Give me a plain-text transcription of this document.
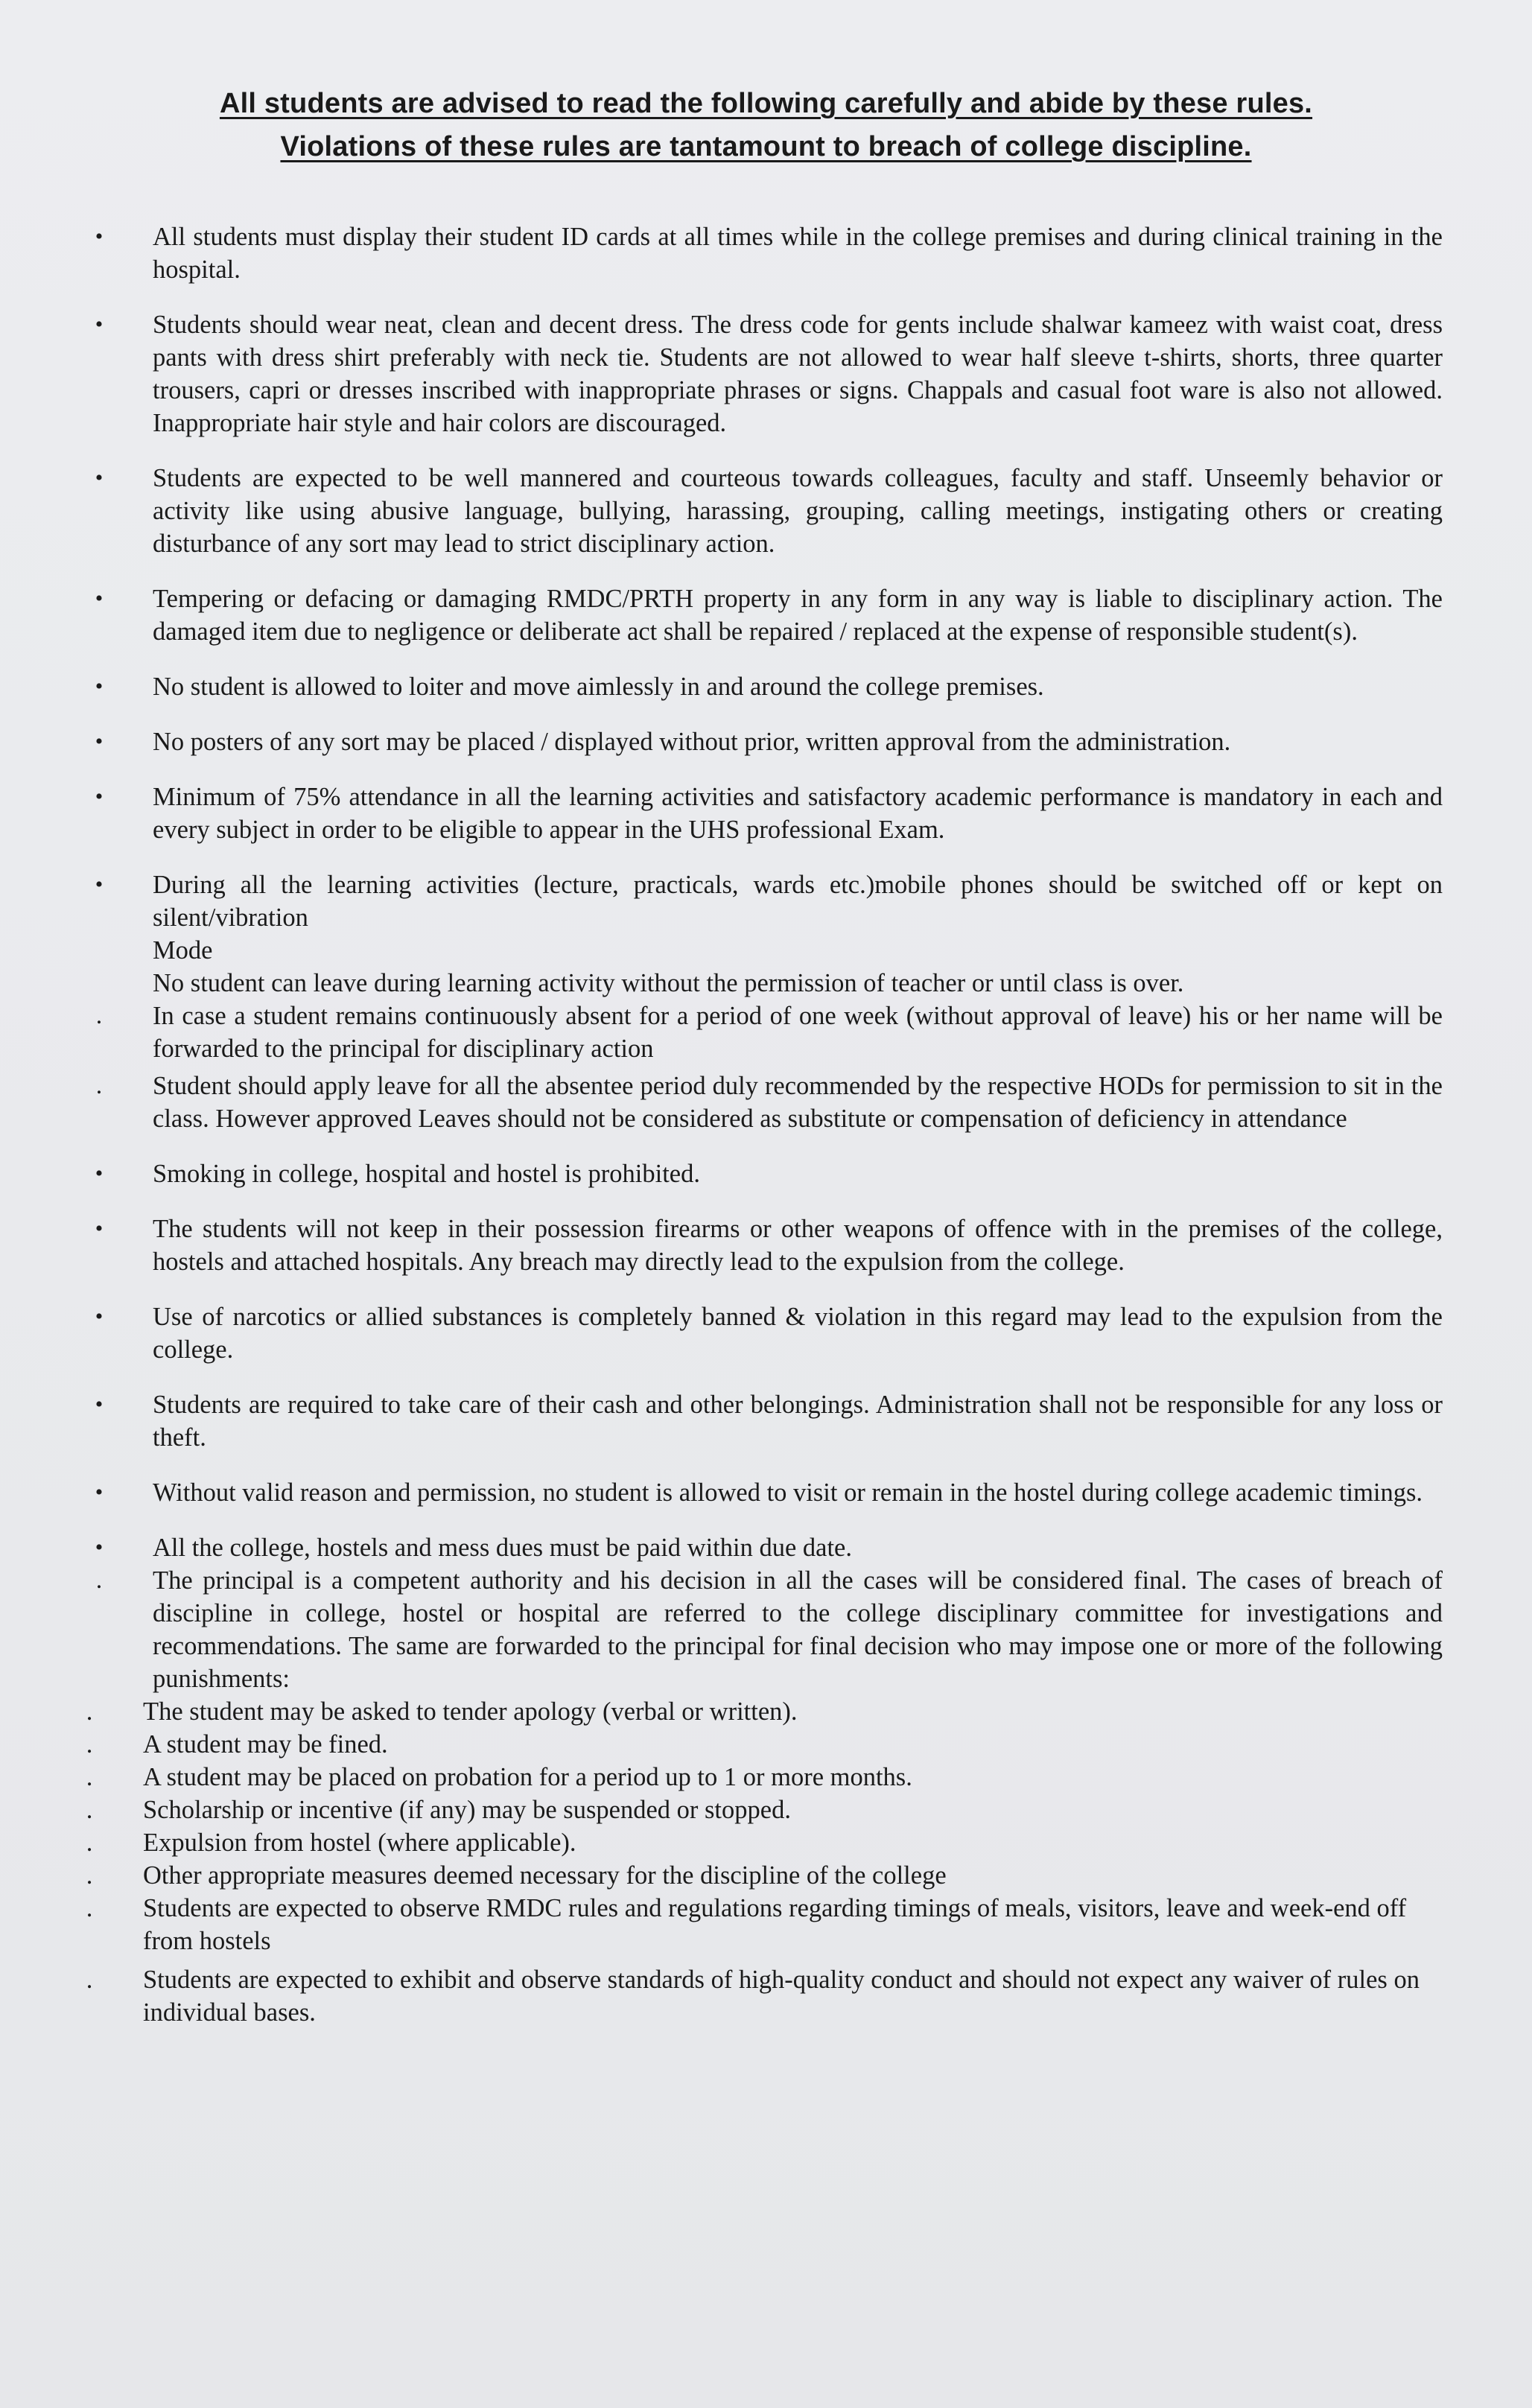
All students are advised to read the following carefully and abide by these rules.
Violations of these rules are tantamount to breach of college discipline.
• All students must display their student ID cards at all times while in the college premises and during clinical training in the hospital.
• Students should wear neat, clean and decent dress. The dress code for gents include shalwar kameez with waist coat, dress pants with dress shirt preferably with neck tie. Students are not allowed to wear half sleeve t-shirts, shorts, three quarter trousers, capri or dresses inscribed with inappropriate phrases or signs. Chappals and casual foot ware is also not allowed. Inappropriate hair style and hair colors are discouraged.
• Students are expected to be well mannered and courteous towards colleagues, faculty and staff. Unseemly behavior or activity like using abusive language, bullying, harassing, grouping, calling meetings, instigating others or creating disturbance of any sort may lead to strict disciplinary action.
• Tempering or defacing or damaging RMDC/PRTH property in any form in any way is liable to disciplinary action. The damaged item due to negligence or deliberate act shall be repaired / replaced at the expense of responsible student(s).
• No student is allowed to loiter and move aimlessly in and around the college premises.
• No posters of any sort may be placed / displayed without prior, written approval from the administration.
• Minimum of 75% attendance in all the learning activities and satisfactory academic performance is mandatory in each and every subject in order to be eligible to appear in the UHS professional Exam.
• During all the learning activities (lecture, practicals, wards etc.)mobile phones should be switched off or kept on silent/vibration
Mode
No student can leave during learning activity without the permission of teacher or until class is over.
. In case a student remains continuously absent for a period of one week (without approval of leave) his or her name will be forwarded to the principal for disciplinary action
. Student should apply leave for all the absentee period duly recommended by the respective HODs for permission to sit in the class. However approved Leaves should not be considered as substitute or compensation of deficiency in attendance
• Smoking in college, hospital and hostel is prohibited.
• The students will not keep in their possession firearms or other weapons of offence with in the premises of the college, hostels and attached hospitals. Any breach may directly lead to the expulsion from the college.
• Use of narcotics or allied substances is completely banned & violation in this regard may lead to the expulsion from the college.
• Students are required to take care of their cash and other belongings. Administration shall not be responsible for any loss or theft.
• Without valid reason and permission, no student is allowed to visit or remain in the hostel during college academic timings.
• All the college, hostels and mess dues must be paid within due date.
. The principal is a competent authority and his decision in all the cases will be considered final. The cases of breach of discipline in college, hostel or hospital are referred to the college disciplinary committee for investigations and recommendations. The same are forwarded to the principal for final decision who may impose one or more of the following punishments:
. The student may be asked to tender apology (verbal or written).
. A student may be fined.
. A student may be placed on probation for a period up to 1 or more months.
. Scholarship or incentive (if any) may be suspended or stopped.
. Expulsion from hostel (where applicable).
. Other appropriate measures deemed necessary for the discipline of the college
. Students are expected to observe RMDC rules and regulations regarding timings of meals, visitors, leave and week-end off from hostels
. Students are expected to exhibit and observe standards of high-quality conduct and should not expect any waiver of rules on individual bases.
